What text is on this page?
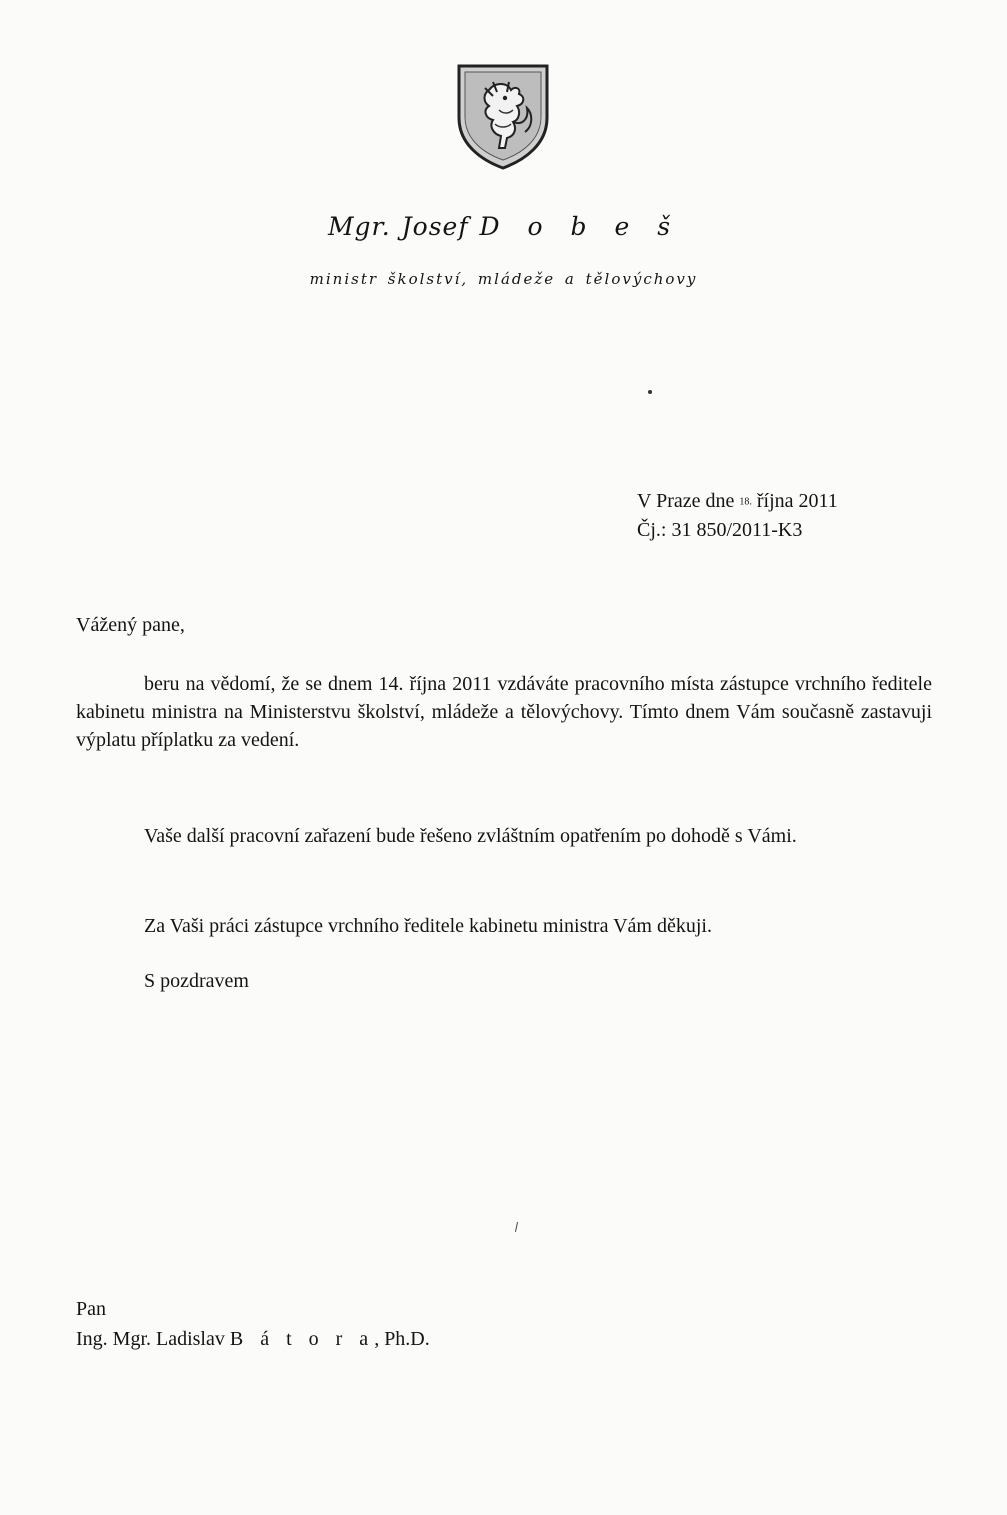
Mgr. Josef D o b e š
ministr školství, mládeže a tělovýchovy
V Praze dne 18. října 2011
Čj.: 31 850/2011-K3
Vážený pane,
beru na vědomí, že se dnem 14. října 2011 vzdáváte pracovního místa zástupce vrchního ředitele kabinetu ministra na Ministerstvu školství, mládeže a tělovýchovy. Tímto dnem Vám současně zastavuji výplatu příplatku za vedení.
Vaše další pracovní zařazení bude řešeno zvláštním opatřením po dohodě s Vámi.
Za Vaši práci zástupce vrchního ředitele kabinetu ministra Vám děkuji.
S pozdravem
Pan
Ing. Mgr. Ladislav B á t o r a, Ph.D.
